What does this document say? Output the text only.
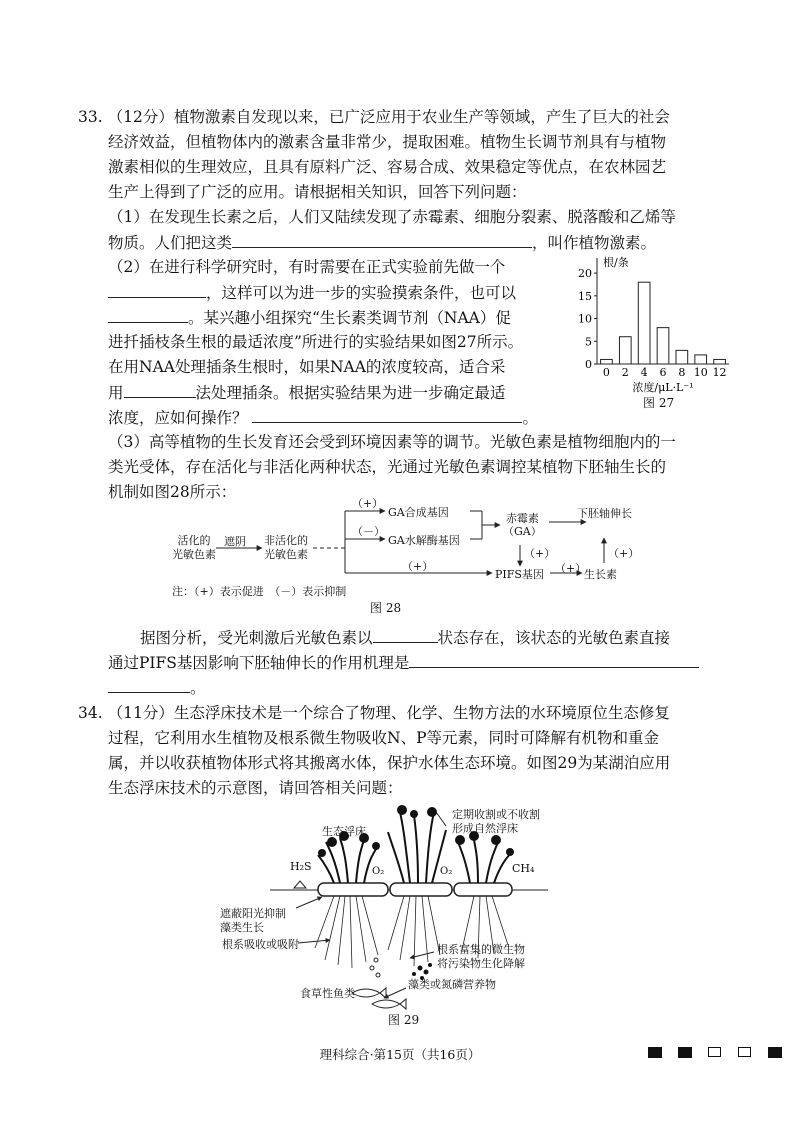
33. （12分）植物激素自发现以来，已广泛应用于农业生产等领域，产生了巨大的社会
经济效益，但植物体内的激素含量非常少，提取困难。植物生长调节剂具有与植物
激素相似的生理效应，且具有原料广泛、容易合成、效果稳定等优点，在农林园艺
生产上得到了广泛的应用。请根据相关知识，回答下列问题：
（1）在发现生长素之后，人们又陆续发现了赤霉素、细胞分裂素、脱落酸和乙烯等
物质。人们把这类	，叫作植物激素。
（2）在进行科学研究时，有时需要在正式实验前先做一个
，这样可以为进一步的实验摸索条件，也可以
。某兴趣小组探究“生长素类调节剂（NAA）促
进扦插枝条生根的最适浓度”所进行的实验结果如图27所示。
在用NAA处理插条生根时，如果NAA的浓度较高，适合采
用	法处理插条。根据实验结果为进一步确定最适
浓度，应如何操作？	。
根/条
0
5
10
15
20
0 2 4 6 8 10 12
浓度/μL·L⁻¹
图 27
（3）高等植物的生长发育还会受到环境因素等的调节。光敏色素是植物细胞内的一
类光受体，存在活化与非活化两种状态，光通过光敏色素调控某植物下胚轴生长的
机制如图28所示：
活化的
光敏色素
遮阴 非活化的
光敏色素
（+）
GA合成基因
（－）
GA水解酶基因
赤霉素
（GA）
下胚轴伸长
（+）	（+）
（+）
PIFS基因 （+）
生长素
注：（+）表示促进　（－）表示抑制
图 28
据图分析，受光刺激后光敏色素以	状态存在，该状态的光敏色素直接
通过PIFS基因影响下胚轴伸长的作用机理是
。
34. （11分）生态浮床技术是一个综合了物理、化学、生物方法的水环境原位生态修复
过程，它利用水生植物及根系微生物吸收N、P等元素，同时可降解有机物和重金
属，并以收获植物体形式将其搬离水体，保护水体生态环境。如图29为某湖泊应用
生态浮床技术的示意图，请回答相关问题：
生态浮床
定期收割或不收割
形成自然浮床
H₂S	O₂	O₂	CH₄
遮蔽阳光抑制
藻类生长
根系吸收或吸附	根系富集的微生物
将污染物生化降解
食草性鱼类
藻类或氮磷营养物
图 29
理科综合·第15页（共16页）
